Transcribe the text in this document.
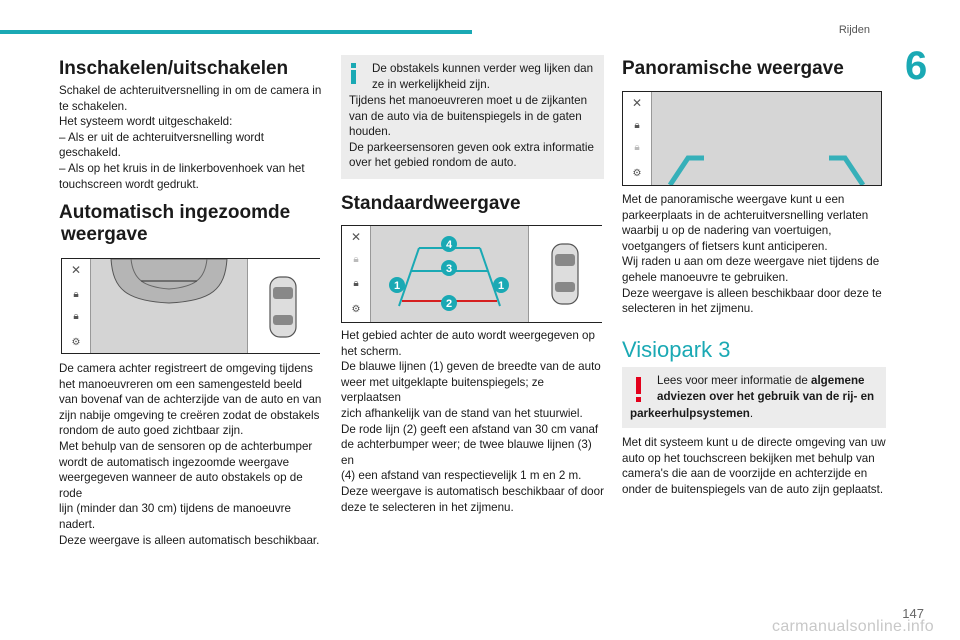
Rijden
6
Inschakelen/uitschakelen
Schakel de achteruitversnelling in om de camera in
te schakelen.
Het systeem wordt uitgeschakeld:
– Als er uit de achteruitversnelling wordt
geschakeld.
– Als op het kruis in de linkerbovenhoek van het
touchscreen wordt gedrukt.
Automatisch ingezoomde
weergave
De camera achter registreert de omgeving tijdens
het manoeuvreren om een samengesteld beeld
van bovenaf van de achterzijde van de auto en van
zijn nabije omgeving te creëren zodat de obstakels
rondom de auto goed zichtbaar zijn.
Met behulp van de sensoren op de achterbumper
wordt de automatisch ingezoomde weergave
weergegeven wanneer de auto obstakels op de rode
lijn (minder dan 30 cm) tijdens de manoeuvre nadert.
Deze weergave is alleen automatisch beschikbaar.
✕
🔒︎
🔒︎
⚙︎
De obstakels kunnen verder weg lijken dan
ze in werkelijkheid zijn.
Tijdens het manoeuvreren moet u de zijkanten
van de auto via de buitenspiegels in de gaten
houden.
De parkeersensoren geven ook extra informatie
over het gebied rondom de auto.
Standaardweergave
✕
🔒︎
🔒︎
⚙︎
1	1
2
3
4
Het gebied achter de auto wordt weergegeven op
het scherm.
De blauwe lijnen (1) geven de breedte van de auto
weer met uitgeklapte buitenspiegels; ze verplaatsen
zich afhankelijk van de stand van het stuurwiel.
De rode lijn (2) geeft een afstand van 30 cm vanaf
de achterbumper weer; de twee blauwe lijnen (3) en
(4) een afstand van respectievelijk 1 m en 2 m.
Deze weergave is automatisch beschikbaar of door
deze te selecteren in het zijmenu.
Panoramische weergave
✕
🔒︎
🔒︎
⚙︎
Met de panoramische weergave kunt u een
parkeerplaats in de achteruitversnelling verlaten
waarbij u op de nadering van voertuigen,
voetgangers of fietsers kunt anticiperen.
Wij raden u aan om deze weergave niet tijdens de
gehele manoeuvre te gebruiken.
Deze weergave is alleen beschikbaar door deze te
selecteren in het zijmenu.
Visiopark 3
Lees voor meer informatie de algemene
adviezen over het gebruik van de rij- en
parkeerhulpsystemen.
Met dit systeem kunt u de directe omgeving van uw
auto op het touchscreen bekijken met behulp van
camera's die aan de voorzijde en achterzijde en
onder de buitenspiegels van de auto zijn geplaatst.
147
carmanualsonline.info
